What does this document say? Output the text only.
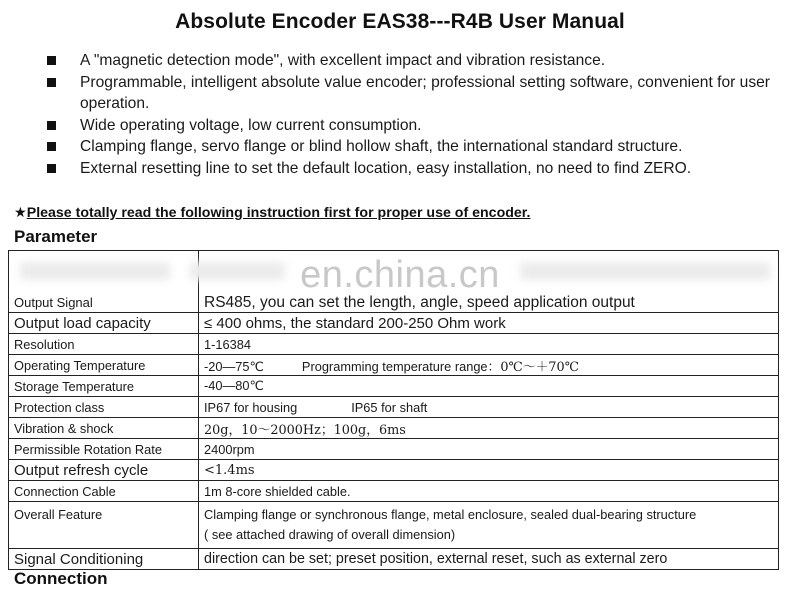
Absolute Encoder EAS38---R4B User Manual
A "magnetic detection mode", with excellent impact and vibration resistance.
Programmable, intelligent absolute value encoder; professional setting software, convenient for user operation.
Wide operating voltage, low current consumption.
Clamping flange, servo flange or blind hollow shaft, the international standard structure.
External resetting line to set the default location, easy installation, no need to find ZERO.
★Please totally read the following instruction first for proper use of encoder.
Parameter

Output Signal	RS485, you can set the length, angle, speed application output
Output load capacity	≤ 400 ohms, the standard 200-250 Ohm work
Resolution	1-16384
Operating Temperature	-20—75℃ Programming temperature range：0℃～＋70℃
Storage Temperature	-40—80℃
Protection class	IP67 for housing IP65 for shaft
Vibration & shock	20g，10～2000Hz；100g，6ms
Permissible Rotation Rate	2400rpm
Output refresh cycle	<1.4ms
Connection Cable	1m 8-core shielded cable.
Overall Feature	Clamping flange or synchronous flange, metal enclosure, sealed dual-bearing structure
( see attached drawing of overall dimension)

Signal Conditioning	direction can be set; preset position, external reset, such as external zero
en.china.cn
Connection
